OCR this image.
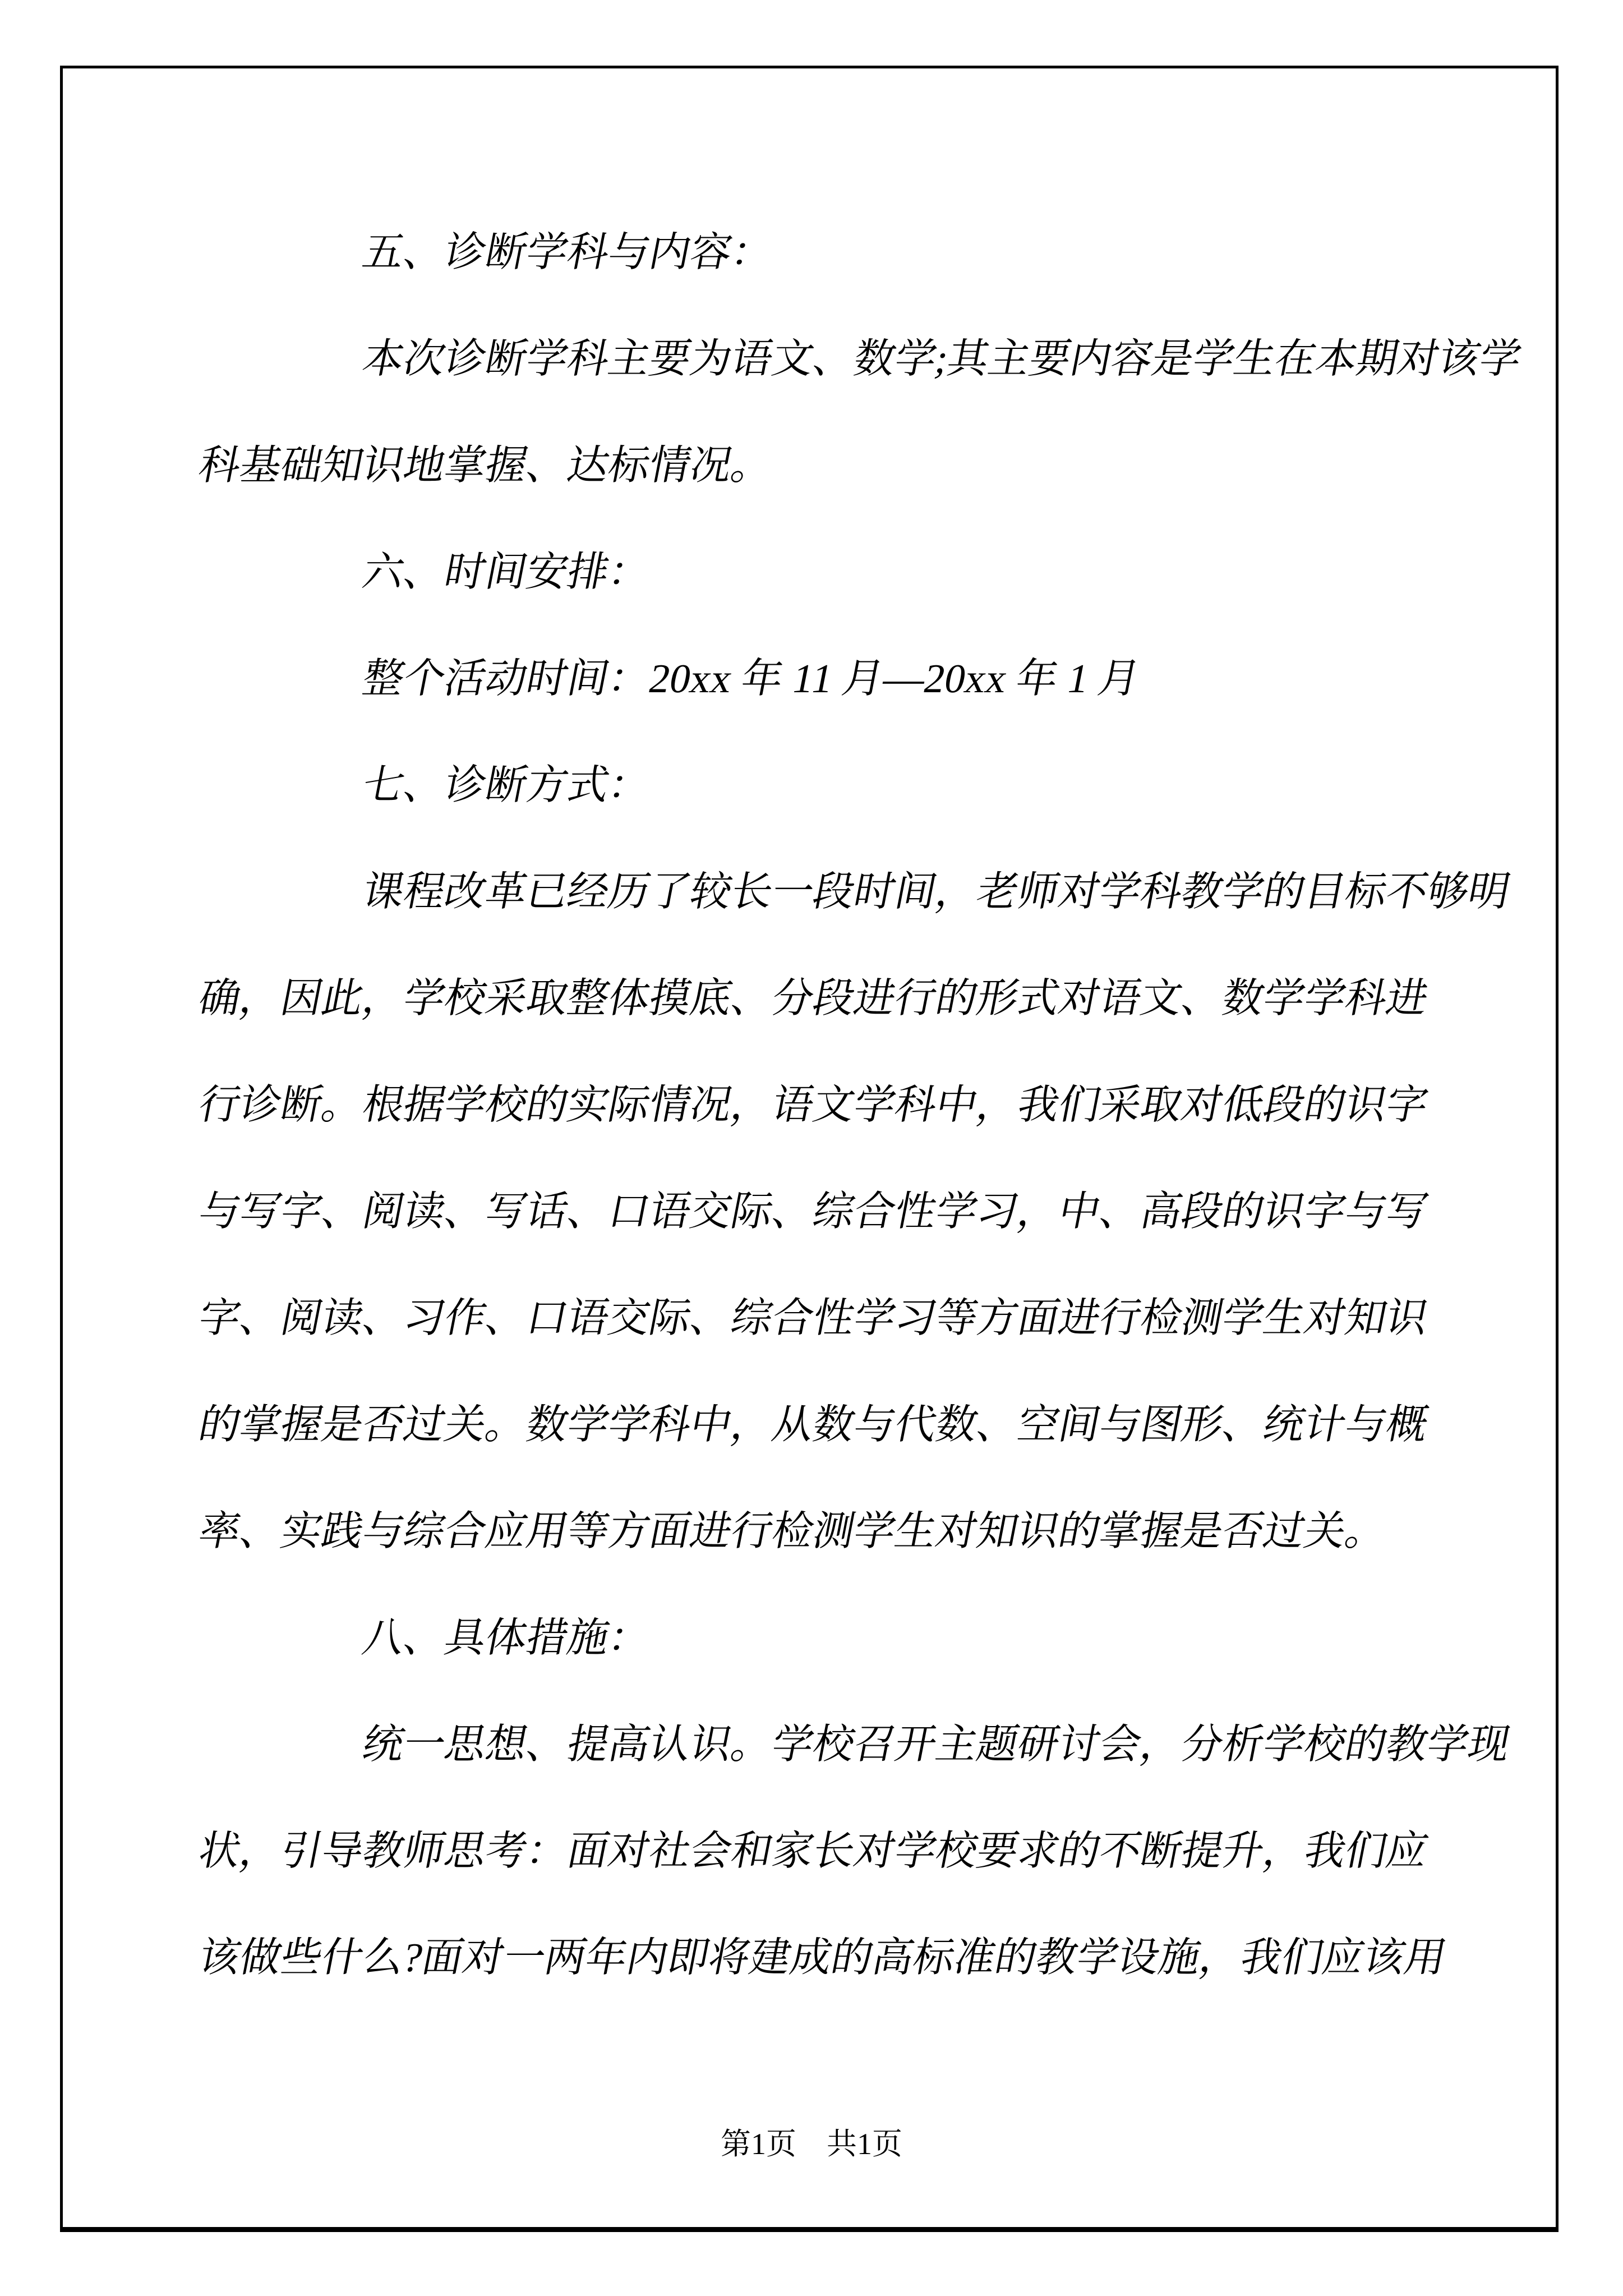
五、诊断学科与内容：
本次诊断学科主要为语文、数学;其主要内容是学生在本期对该学
科基础知识地掌握、达标情况。
六、时间安排：
整个活动时间：20xx 年 11 月—20xx 年 1 月
七、诊断方式：
课程改革已经历了较长一段时间，老师对学科教学的目标不够明
确，因此，学校采取整体摸底、分段进行的形式对语文、数学学科进
行诊断。根据学校的实际情况，语文学科中，我们采取对低段的识字
与写字、阅读、写话、口语交际、综合性学习，中、高段的识字与写
字、阅读、习作、口语交际、综合性学习等方面进行检测学生对知识
的掌握是否过关。数学学科中，从数与代数、空间与图形、统计与概
率、实践与综合应用等方面进行检测学生对知识的掌握是否过关。
八、具体措施：
统一思想、提高认识。学校召开主题研讨会，分析学校的教学现
状，引导教师思考：面对社会和家长对学校要求的不断提升，我们应
该做些什么?面对一两年内即将建成的高标准的教学设施，我们应该用
第1页　共1页
